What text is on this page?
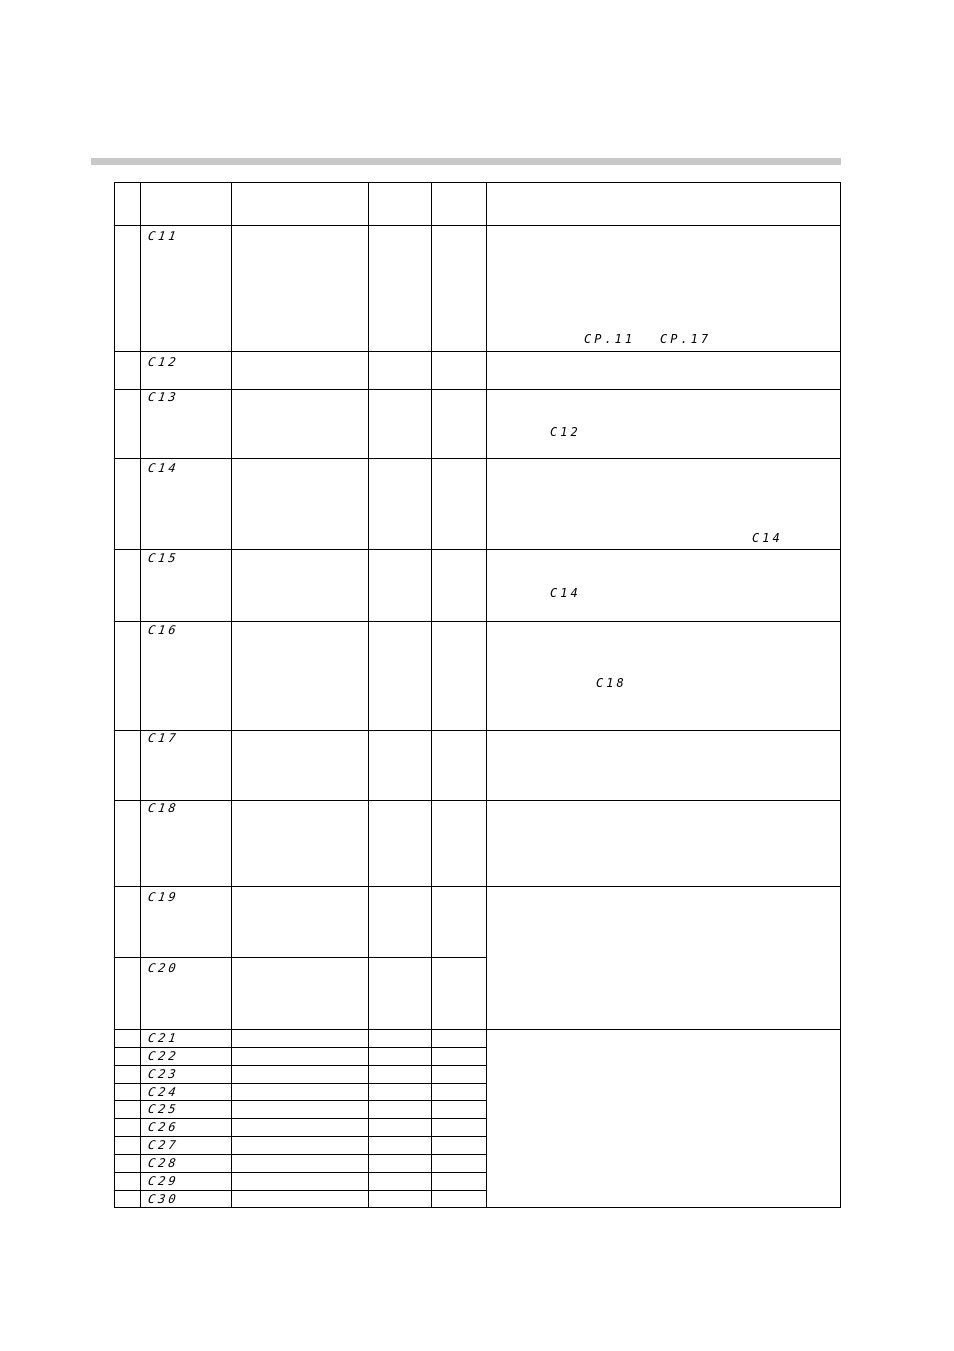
C11
C12
C13
C14
C15
C16
C17
C18
C19
C20
C21
C22
C23
C24
C25
C26
C27
C28
C29
C30
CP.11 CP.17
C12
C14
C14
C18
